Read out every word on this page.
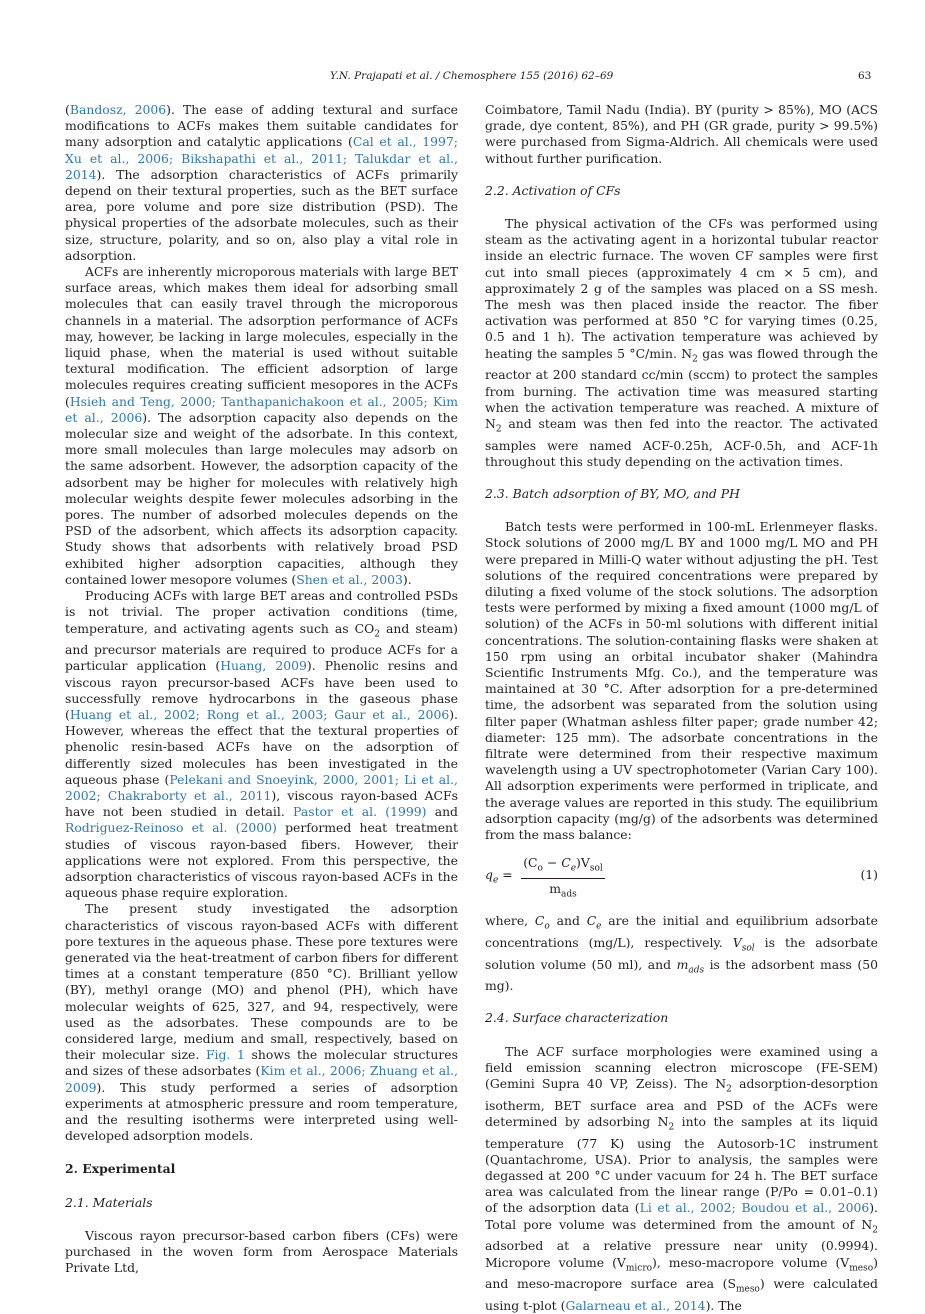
Y.N. Prajapati et al. / Chemosphere 155 (2016) 62–69	63

(Bandosz, 2006). The ease of adding textural and surface modifications to ACFs makes them suitable candidates for many adsorption and catalytic applications (Cal et al., 1997; Xu et al., 2006; Bikshapathi et al., 2011; Talukdar et al., 2014). The adsorption characteristics of ACFs primarily depend on their textural properties, such as the BET surface area, pore volume and pore size distribution (PSD). The physical properties of the adsorbate molecules, such as their size, structure, polarity, and so on, also play a vital role in adsorption.

ACFs are inherently microporous materials with large BET surface areas, which makes them ideal for adsorbing small molecules that can easily travel through the microporous channels in a material. The adsorption performance of ACFs may, however, be lacking in large molecules, especially in the liquid phase, when the material is used without suitable textural modification. The efficient adsorption of large molecules requires creating sufficient mesopores in the ACFs (Hsieh and Teng, 2000; Tanthapanichakoon et al., 2005; Kim et al., 2006). The adsorption capacity also depends on the molecular size and weight of the adsorbate. In this context, more small molecules than large molecules may adsorb on the same adsorbent. However, the adsorption capacity of the adsorbent may be higher for molecules with relatively high molecular weights despite fewer molecules adsorbing in the pores. The number of adsorbed molecules depends on the PSD of the adsorbent, which affects its adsorption capacity. Study shows that adsorbents with relatively broad PSD exhibited higher adsorption capacities, although they contained lower mesopore volumes (Shen et al., 2003).

Producing ACFs with large BET areas and controlled PSDs is not trivial. The proper activation conditions (time, temperature, and activating agents such as $CO_2$ and steam) and precursor materials are required to produce ACFs for a particular application (Huang, 2009). Phenolic resins and viscous rayon precursor-based ACFs have been used to successfully remove hydrocarbons in the gaseous phase (Huang et al., 2002; Rong et al., 2003; Gaur et al., 2006). However, whereas the effect that the textural properties of phenolic resin-based ACFs have on the adsorption of differently sized molecules has been investigated in the aqueous phase (Pelekani and Snoeyink, 2000, 2001; Li et al., 2002; Chakraborty et al., 2011), viscous rayon-based ACFs have not been studied in detail. Pastor et al. (1999) and Rodriguez-Reinoso et al. (2000) performed heat treatment studies of viscous rayon-based fibers. However, their applications were not explored. From this perspective, the adsorption characteristics of viscous rayon-based ACFs in the aqueous phase require exploration.

The present study investigated the adsorption characteristics of viscous rayon-based ACFs with different pore textures in the aqueous phase. These pore textures were generated via the heat-treatment of carbon fibers for different times at a constant temperature (850 °C). Brilliant yellow (BY), methyl orange (MO) and phenol (PH), which have molecular weights of 625, 327, and 94, respectively, were used as the adsorbates. These compounds are to be considered large, medium and small, respectively, based on their molecular size. Fig. 1 shows the molecular structures and sizes of these adsorbates (Kim et al., 2006; Zhuang et al., 2009). This study performed a series of adsorption experiments at atmospheric pressure and room temperature, and the resulting isotherms were interpreted using well-developed adsorption models.

2. Experimental
2.1. Materials

Viscous rayon precursor-based carbon fibers (CFs) were purchased in the woven form from Aerospace Materials Private Ltd,

Coimbatore, Tamil Nadu (India). BY (purity > 85%), MO (ACS grade, dye content, 85%), and PH (GR grade, purity > 99.5%) were purchased from Sigma-Aldrich. All chemicals were used without further purification.

2.2. Activation of CFs

The physical activation of the CFs was performed using steam as the activating agent in a horizontal tubular reactor inside an electric furnace. The woven CF samples were first cut into small pieces (approximately 4 cm × 5 cm), and approximately 2 g of the samples was placed on a SS mesh. The mesh was then placed inside the reactor. The fiber activation was performed at 850 °C for varying times (0.25, 0.5 and 1 h). The activation temperature was achieved by heating the samples 5 °C/min. $N_2$ gas was flowed through the reactor at 200 standard cc/min (sccm) to protect the samples from burning. The activation time was measured starting when the activation temperature was reached. A mixture of $N_2$ and steam was then fed into the reactor. The activated samples were named ACF-0.25h, ACF-0.5h, and ACF-1h throughout this study depending on the activation times.

2.3. Batch adsorption of BY, MO, and PH

Batch tests were performed in 100-mL Erlenmeyer flasks. Stock solutions of 2000 mg/L BY and 1000 mg/L MO and PH were prepared in Milli-Q water without adjusting the pH. Test solutions of the required concentrations were prepared by diluting a fixed volume of the stock solutions. The adsorption tests were performed by mixing a fixed amount (1000 mg/L of solution) of the ACFs in 50-ml solutions with different initial concentrations. The solution-containing flasks were shaken at 150 rpm using an orbital incubator shaker (Mahindra Scientific Instruments Mfg. Co.), and the temperature was maintained at 30 °C. After adsorption for a pre-determined time, the adsorbent was separated from the solution using filter paper (Whatman ashless filter paper; grade number 42; diameter: 125 mm). The adsorbate concentrations in the filtrate were determined from their respective maximum wavelength using a UV spectrophotometer (Varian Cary 100). All adsorption experiments were performed in triplicate, and the average values are reported in this study. The equilibrium adsorption capacity (mg/g) of the adsorbents was determined from the mass balance:

$q_e$ =
$(C_o - C_e)V_{sol}$
$m_{ads}$
(1)

where, $C_o$ and $C_e$ are the initial and equilibrium adsorbate concentrations (mg/L), respectively. $V_{sol}$ is the adsorbate solution volume (50 ml), and $m_{ads}$ is the adsorbent mass (50 mg).

2.4. Surface characterization

The ACF surface morphologies were examined using a field emission scanning electron microscope (FE-SEM) (Gemini Supra 40 VP, Zeiss). The $N_2$ adsorption-desorption isotherm, BET surface area and PSD of the ACFs were determined by adsorbing $N_2$ into the samples at its liquid temperature (77 K) using the Autosorb-1C instrument (Quantachrome, USA). Prior to analysis, the samples were degassed at 200 °C under vacuum for 24 h. The BET surface area was calculated from the linear range (P/Po = 0.01–0.1) of the adsorption data (Li et al., 2002; Boudou et al., 2006). Total pore volume was determined from the amount of $N_2$ adsorbed at a relative pressure near unity (0.9994). Micropore volume $(V_{micro})$, meso-macropore volume $(V_{meso})$ and meso-macropore surface area $(S_{meso})$ were calculated using t-plot (Galarneau et al., 2014). The
